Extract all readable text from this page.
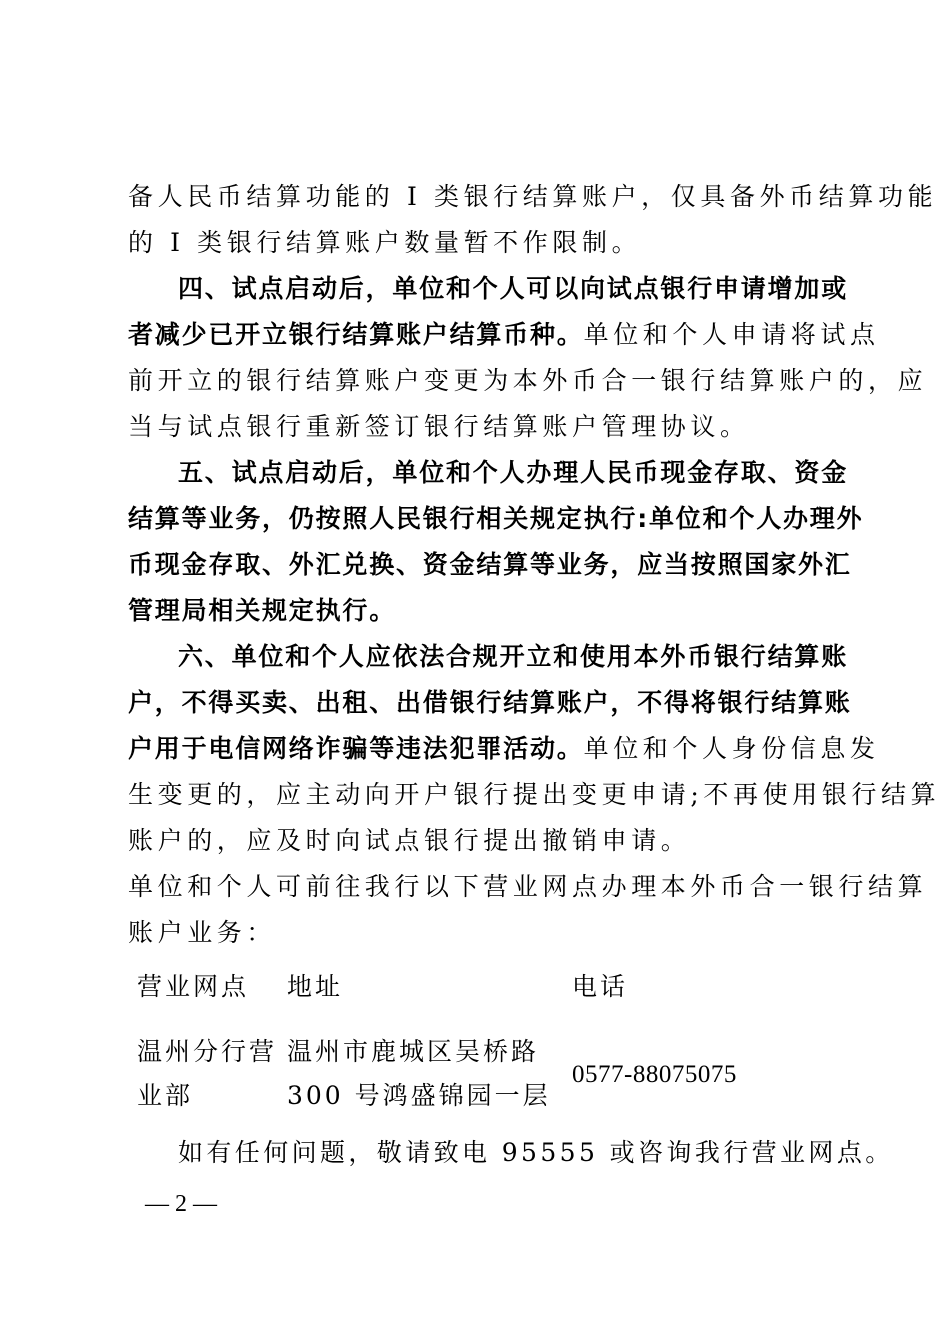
备人民币结算功能的 I 类银行结算账户，仅具备外币结算功能
的 I 类银行结算账户数量暂不作限制。
四、试点启动后，单位和个人可以向试点银行申请增加或
者减少已开立银行结算账户结算币种。单位和个人申请将试点
前开立的银行结算账户变更为本外币合一银行结算账户的，应
当与试点银行重新签订银行结算账户管理协议。
五、试点启动后，单位和个人办理人民币现金存取、资金
结算等业务，仍按照人民银行相关规定执行:单位和个人办理外
币现金存取、外汇兑换、资金结算等业务，应当按照国家外汇
管理局相关规定执行。
六、单位和个人应依法合规开立和使用本外币银行结算账
户，不得买卖、出租、出借银行结算账户，不得将银行结算账
户用于电信网络诈骗等违法犯罪活动。单位和个人身份信息发
生变更的，应主动向开户银行提出变更申请;不再使用银行结算
账户的，应及时向试点银行提出撤销申请。
单位和个人可前往我行以下营业网点办理本外币合一银行结算
账户业务：
营业网点 地址	电话
温州分行营
业部
温州市鹿城区吴桥路
300 号鸿盛锦园一层
0577-88075075
如有任何问题，敬请致电 95555 或咨询我行营业网点。
— 2 —
